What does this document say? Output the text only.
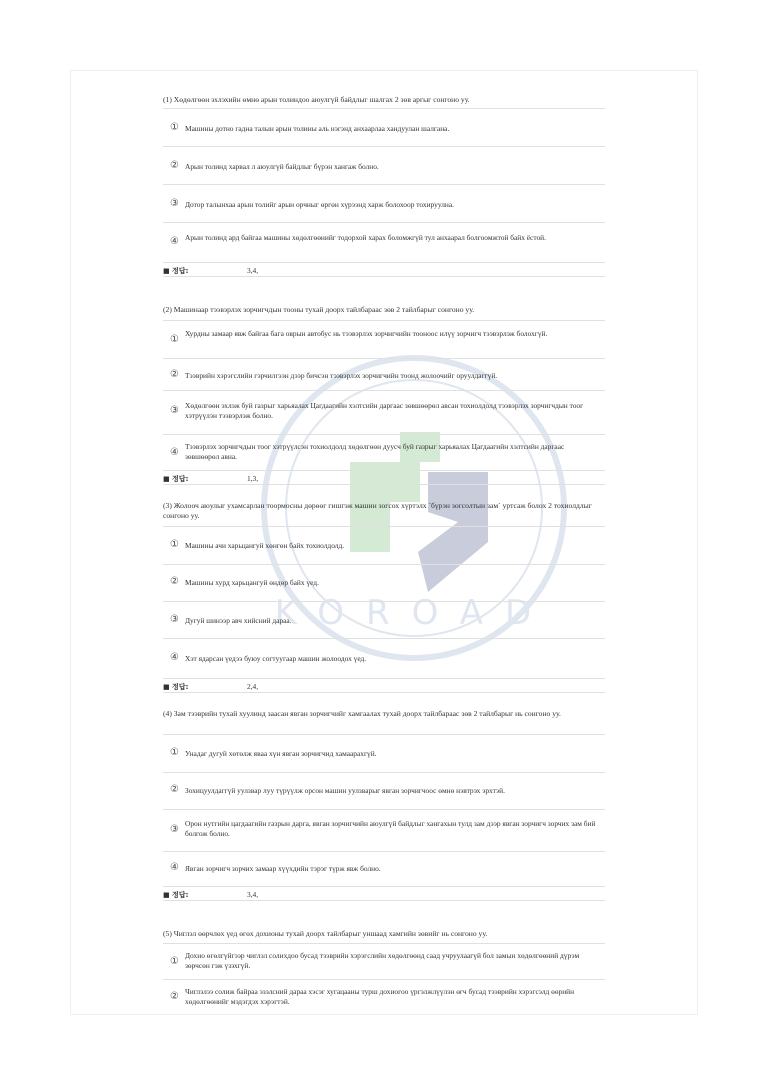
KOROAD

(1) Хөдөлгөөн эхлэхийн өмнө арын толиндоо аюулгүй байдлыг шалгах 2 зөв аргыг сонгоно уу.

① Машины дотно гадна талын арын толины аль нэгэнд анхаарлаа хандуулан шалгана.
② Арын толинд харвал л аюулгүй байдлыг бүрэн хангаж болно.
③ Дотор талынхаа арын толийг арын орчныг өргөн хүрээнд харж болохоор тохируулна.
④ Арын толинд ард байгаа машины хөдөлгөөнийг тодорхой харах боломжгүй тул анхаарал болгоомжтой байх ёстой.
■ 정답:	3,4,

(2) Машинаар тээвэрлэх зорчигчдын тооны тухай доорх тайлбараас зөв 2 тайлбарыг сонгоно уу.

①
Хурдны замаар явж байгаа бага оврын автобус нь тээвэрлэх зорчигчийн тооноос илүү зорчигч тээвэрлэж болохгүй.
② Тээврийн хэрэгслийн гэрчилгээн дээр бичсэн тээвэрлэх зорчигчийн тоонд жолоочийг оруулдаггүй.
③ Хөдөлгөөн эхлэж буй газрыг харьяалах Цагдаагийн хэлтсийн даргаас зөвшөөрөл авсан тохиолдолд тээвэрлэх зорчигчдын тоог хэтрүүлэн тээвэрлэж болно.
④
Тээвэрлэх зорчигчдын тоог хэтрүүлсэн тохиолдолд хөдөлгөөн дуусч буй газрыг харьяалах Цагдаагийн хэлтсийн даргаас зөвшөөрөл авна.
■ 정답:	1,3,

(3) Жолооч аюулыг ухамсарлан тоормосны дөрөөг гишгэж машин зогсох хүртэлх `бүрэн зогсолтын зам` уртсаж болох 2 тохиолдлыг сонгоно уу.

① Машины ачи харьцангуй хөнгөн байх тохиолдолд.
② Машины хурд харьцангуй өндөр байх үед.
③ Дугуй шинээр авч хийсний дараа.
④ Хэт ядарсан үедээ буюу согтуугаар машин жолоодох үед.
■ 정답:	2,4,

(4) Зам тээврийн тухай хуулинд заасан явган зорчигчийг хамгаалах тухай доорх тайлбараас зөв 2 тайлбарыг нь сонгоно уу.

① Унадаг дугуй хөтөлж явaa хүн явган зорчигчид хамаарахгүй.
② Зохицуулдаггүй уулзвар луу түрүүлж орсон машин уулзварыг явган зорчигчоос өмнө нэвтрэх эрхтэй.
③
Орон нутгийн цагдаагийн газрын дарга, явган зорчигчийн аюулгүй байдлыг хангахын тулд зам дээр явган зорчигч зорчих зам бий болгож болно.
④ Явган зорчигч зорчих замаар хүүхдийн тэрэг түрж явж болно.
■ 정답:	3,4,

(5) Чиглэл өөрчлөх үед өгөх дохионы тухай доорх тайлбарыг уншаад хамгийн зөвийг нь сонгоно уу.

①
Дохио өгөлгүйгээр чиглэл солихдоо бусад тээврийн хэрэгслийн хөдөлгөөнд саад учруулаагүй бол замын хөдөлгөөний дүрэм зөрчсөн гэж үзэхгүй.
② Чиглэлээ солиж байраа эзэлсний дараа хэсэг хугацааны турш дохиогоо үргэлжлүүлэн өгч бусад тээврийн хэрэгсэлд өөрийн хөдөлгөөнийг мэдэгдэх хэрэгтэй.
